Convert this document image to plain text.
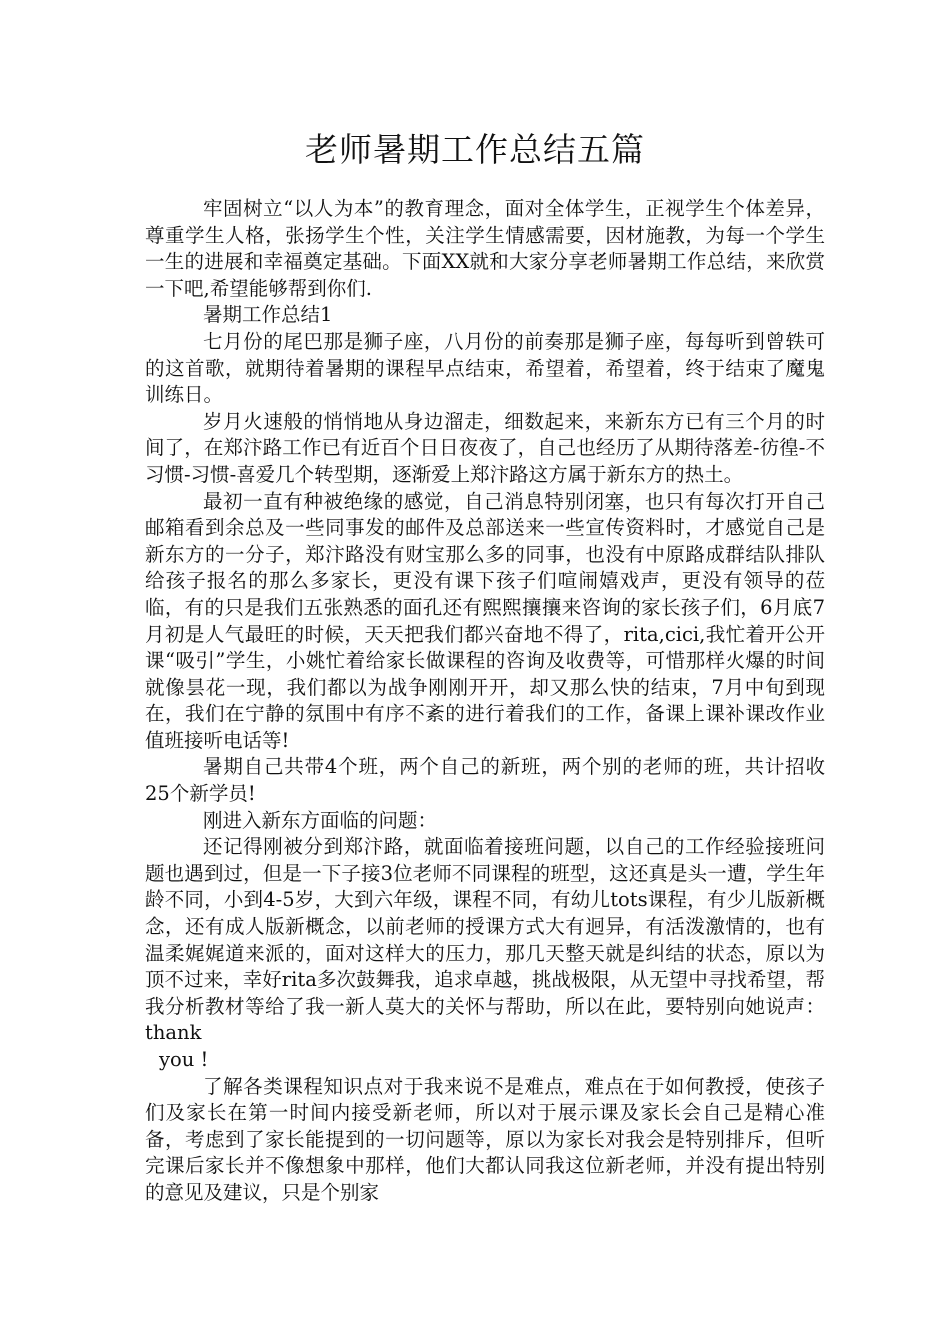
老师暑期工作总结五篇

牢固树立“以人为本”的教育理念，面对全体学生，正视学生个体差异，尊重学生人格，张扬学生个性，关注学生情感需要，因材施教，为每一个学生一生的进展和幸福奠定基础。下面XX就和大家分享老师暑期工作总结，来欣赏一下吧,希望能够帮到你们.

暑期工作总结1

七月份的尾巴那是狮子座，八月份的前奏那是狮子座，每每听到曾轶可的这首歌，就期待着暑期的课程早点结束，希望着，希望着，终于结束了魔鬼训练日。

岁月火速般的悄悄地从身边溜走，细数起来，来新东方已有三个月的时间了，在郑汴路工作已有近百个日日夜夜了，自己也经历了从期待落差-彷徨-不习惯-习惯-喜爱几个转型期，逐渐爱上郑汴路这方属于新东方的热土。

最初一直有种被绝缘的感觉，自己消息特别闭塞，也只有每次打开自己邮箱看到余总及一些同事发的邮件及总部送来一些宣传资料时，才感觉自己是新东方的一分子，郑汴路没有财宝那么多的同事，也没有中原路成群结队排队给孩子报名的那么多家长，更没有课下孩子们喧闹嬉戏声，更没有领导的莅临，有的只是我们五张熟悉的面孔还有熙熙攘攘来咨询的家长孩子们，6月底7月初是人气最旺的时候，天天把我们都兴奋地不得了，rita,cici,我忙着开公开课“吸引”学生，小姚忙着给家长做课程的咨询及收费等，可惜那样火爆的时间就像昙花一现，我们都以为战争刚刚开开，却又那么快的结束，7月中旬到现在，我们在宁静的氛围中有序不紊的进行着我们的工作，备课上课补课改作业值班接听电话等!

暑期自己共带4个班，两个自己的新班，两个别的老师的班，共计招收25个新学员!

刚进入新东方面临的问题：

还记得刚被分到郑汴路，就面临着接班问题，以自己的工作经验接班问题也遇到过，但是一下子接3位老师不同课程的班型，这还真是头一遭，学生年龄不同，小到4-5岁，大到六年级，课程不同，有幼儿tots课程，有少儿版新概念，还有成人版新概念，以前老师的授课方式大有迥异，有活泼激情的，也有温柔娓娓道来派的，面对这样大的压力，那几天整天就是纠结的状态，原以为顶不过来，幸好rita多次鼓舞我，追求卓越，挑战极限，从无望中寻找希望，帮我分析教材等给了我一新人莫大的关怀与帮助，所以在此，要特别向她说声：thank

you !

了解各类课程知识点对于我来说不是难点，难点在于如何教授，使孩子们及家长在第一时间内接受新老师，所以对于展示课及家长会自己是精心准备，考虑到了家长能提到的一切问题等，原以为家长对我会是特别排斥，但听完课后家长并不像想象中那样，他们大都认同我这位新老师，并没有提出特别的意见及建议，只是个别家
